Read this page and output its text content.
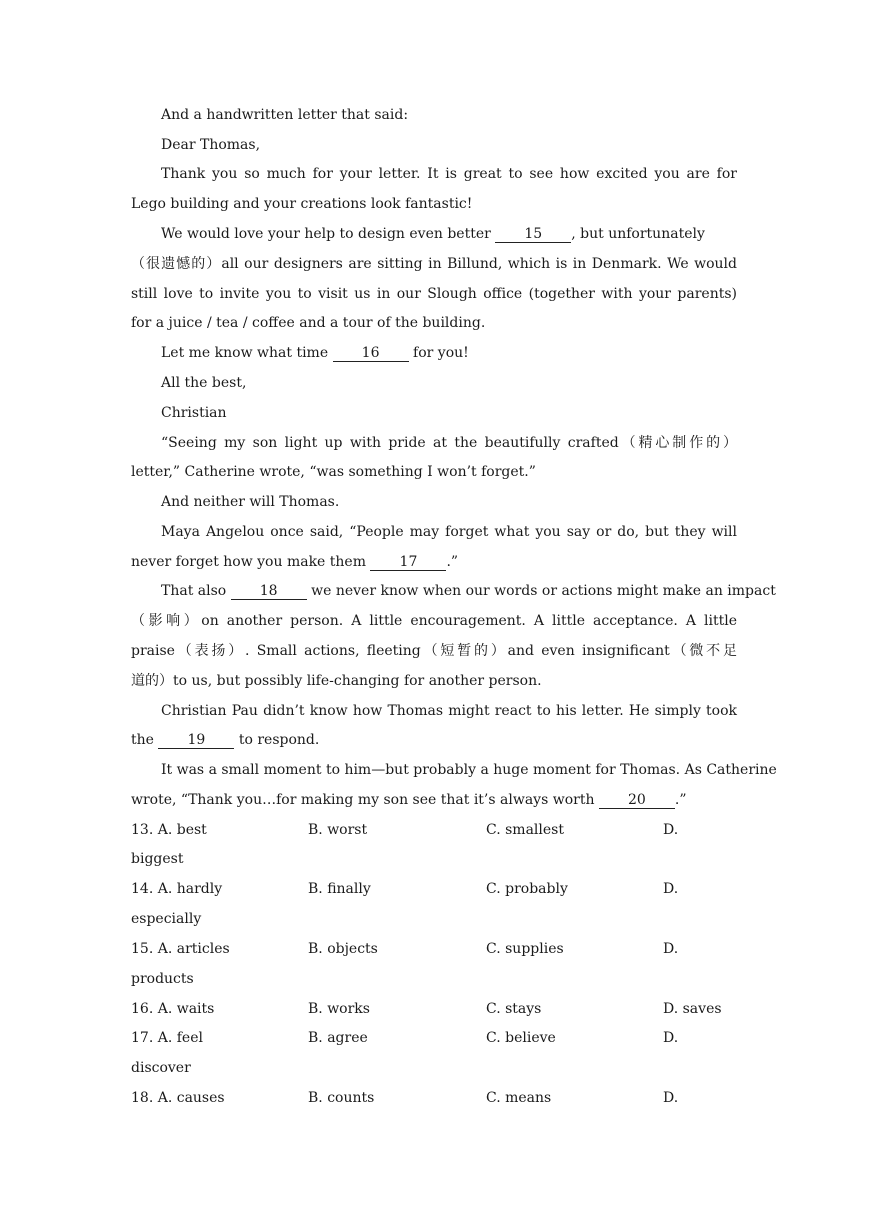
And a handwritten letter that said:
Dear Thomas,
Thank you so much for your letter. It is great to see how excited you are for
Lego building and your creations look fantastic!
We would love your help to design even better 15 , but unfortunately
（很遗憾的）all our designers are sitting in Billund, which is in Denmark. We would
still love to invite you to visit us in our Slough office (together with your parents)
for a juice / tea / coffee and a tour of the building.
Let me know what time 16 for you!
All the best,
Christian
“Seeing my son light up with pride at the beautifully crafted（精心制作的）
letter,” Catherine wrote, “was something I won’t forget.”
And neither will Thomas.
Maya Angelou once said, “People may forget what you say or do, but they will
never forget how you make them 17 .”
That also 18 we never know when our words or actions might make an impact
（影响）on another person. A little encouragement. A little acceptance. A little
praise（表扬）. Small actions, fleeting（短暂的）and even insignificant（微不足
道的）to us, but possibly life-changing for another person.
Christian Pau didn’t know how Thomas might react to his letter. He simply took
the 19 to respond.
It was a small moment to him—but probably a huge moment for Thomas. As Catherine
wrote, “Thank you…for making my son see that it’s always worth 20 .”
13. A. best	B. worst	C. smallest	D.
biggest
14. A. hardly	B. finally	C. probably	D.
especially
15. A. articles	B. objects	C. supplies	D.
products
16. A. waits	B. works	C. stays	D. saves
17. A. feel	B. agree	C. believe	D.
discover
18. A. causes	B. counts	C. means	D.
